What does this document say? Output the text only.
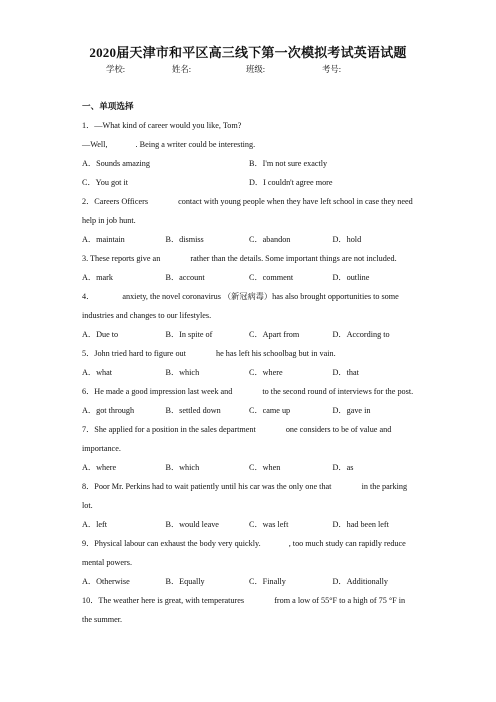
2020届天津市和平区高三线下第一次模拟考试英语试题
学校:	姓名:	班级:	考号:
一、单项选择
1．—What kind of career would you like, Tom?
—Well,	. Being a writer could be interesting.
A．Sounds amazing	B．I'm not sure exactly
C．You got it	D．I couldn't agree more
2．Careers Officers	contact with young people when they have left school in case they need help in job hunt.
A．maintain	B．dismiss	C．abandon	D．hold
3. These reports give an	rather than the details. Some important things are not included.
A．mark	B．account	C．comment	D．outline
4．	anxiety, the novel coronavirus （新冠病毒）has also brought opportunities to some industries and changes to our lifestyles.
A．Due to	B．In spite of	C．Apart from	D．According to
5．John tried hard to figure out	he has left his schoolbag but in vain.
A．what	B．which	C．where	D．that
6．He made a good impression last week and	to the second round of interviews for the post.
A．got through	B．settled down	C．came up	D．gave in
7．She applied for a position in the sales department	one considers to be of value and importance.
A．where	B．which	C．when	D．as
8．Poor Mr. Perkins had to wait patiently until his car was the only one that	in the parking lot.
A．left	B．would leave	C．was left	D．had been left
9．Physical labour can exhaust the body very quickly.	, too much study can rapidly reduce mental powers.
A．Otherwise	B．Equally	C．Finally	D．Additionally
10．The weather here is great, with temperatures	from a low of 55°F to a high of 75 °F in the summer.
